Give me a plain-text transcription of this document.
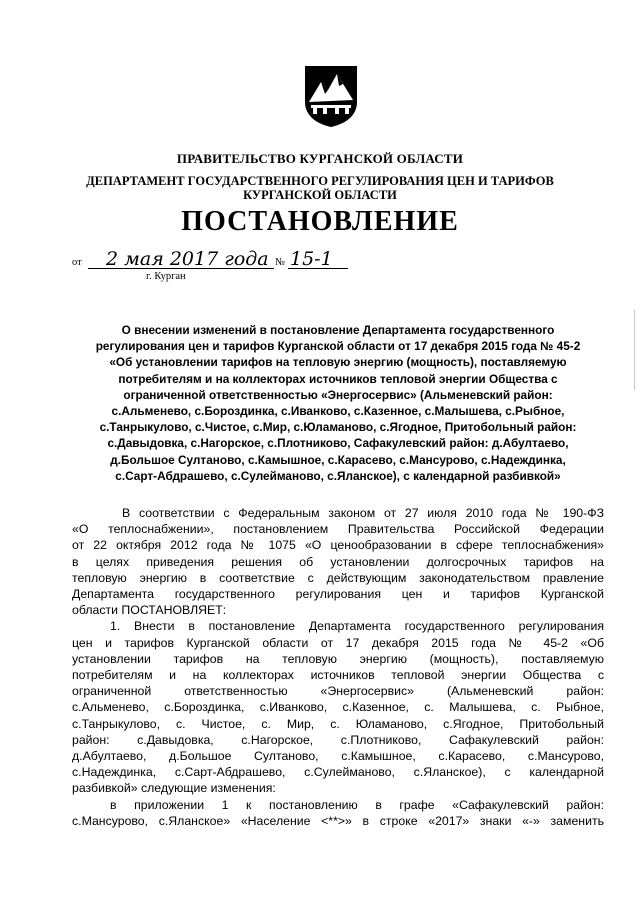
ПРАВИТЕЛЬСТВО КУРГАНСКОЙ ОБЛАСТИ
ДЕПАРТАМЕНТ ГОСУДАРСТВЕННОГО РЕГУЛИРОВАНИЯ ЦЕН И ТАРИФОВ
КУРГАНСКОЙ ОБЛАСТИ
ПОСТАНОВЛЕНИЕ
от 2 мая 2017 года № 15-1
г. Курган
О внесении изменений в постановление Департамента государственного
регулирования цен и тарифов Курганской области от 17 декабря 2015 года № 45-2
«Об установлении тарифов на тепловую энергию (мощность), поставляемую
потребителям и на коллекторах источников тепловой энергии Общества с
ограниченной ответственностью «Энергосервис» (Альменевский район:
с.Альменево, с.Бороздинка, с.Иванково, с.Казенное, с.Малышева, с.Рыбное,
с.Танрыкулово, с.Чистое, с.Мир, с.Юламаново, с.Ягодное, Притобольный район:
с.Давыдовка, с.Нагорское, с.Плотниково, Сафакулевский район: д.Абултаево,
д.Большое Султаново, с.Камышное, с.Карасево, с.Мансурово, с.Надеждинка,
с.Сарт-Абдрашево, с.Сулейманово, с.Яланское), с календарной разбивкой»
В соответствии с Федеральным законом от 27 июля 2010 года № 190-ФЗ
«О теплоснабжении», постановлением Правительства Российской Федерации
от 22 октября 2012 года № 1075 «О ценообразовании в сфере теплоснабжения»
в целях приведения решения об установлении долгосрочных тарифов на
тепловую энергию в соответствие с действующим законодательством правление
Департамента государственного регулирования цен и тарифов Курганской
области ПОСТАНОВЛЯЕТ:
1. Внести в постановление Департамента государственного регулирования
цен и тарифов Курганской области от 17 декабря 2015 года № 45-2 «Об
установлении тарифов на тепловую энергию (мощность), поставляемую
потребителям и на коллекторах источников тепловой энергии Общества с
ограниченной ответственностью «Энергосервис» (Альменевский район:
с.Альменево, с.Бороздинка, с.Иванково, с.Казенное, с. Малышева, с. Рыбное,
с.Танрыкулово, с. Чистое, с. Мир, с. Юламаново, с.Ягодное, Притобольный
район: с.Давыдовка, с.Нагорское, с.Плотниково, Сафакулевский район:
д.Абултаево, д.Большое Султаново, с.Камышное, с.Карасево, с.Мансурово,
с.Надеждинка, с.Сарт-Абдрашево, с.Сулейманово, с.Яланское), с календарной
разбивкой» следующие изменения:
в приложении 1 к постановлению в графе «Сафакулевский район:
с.Мансурово, с.Яланское» «Население <**>» в строке «2017» знаки «-» заменить
